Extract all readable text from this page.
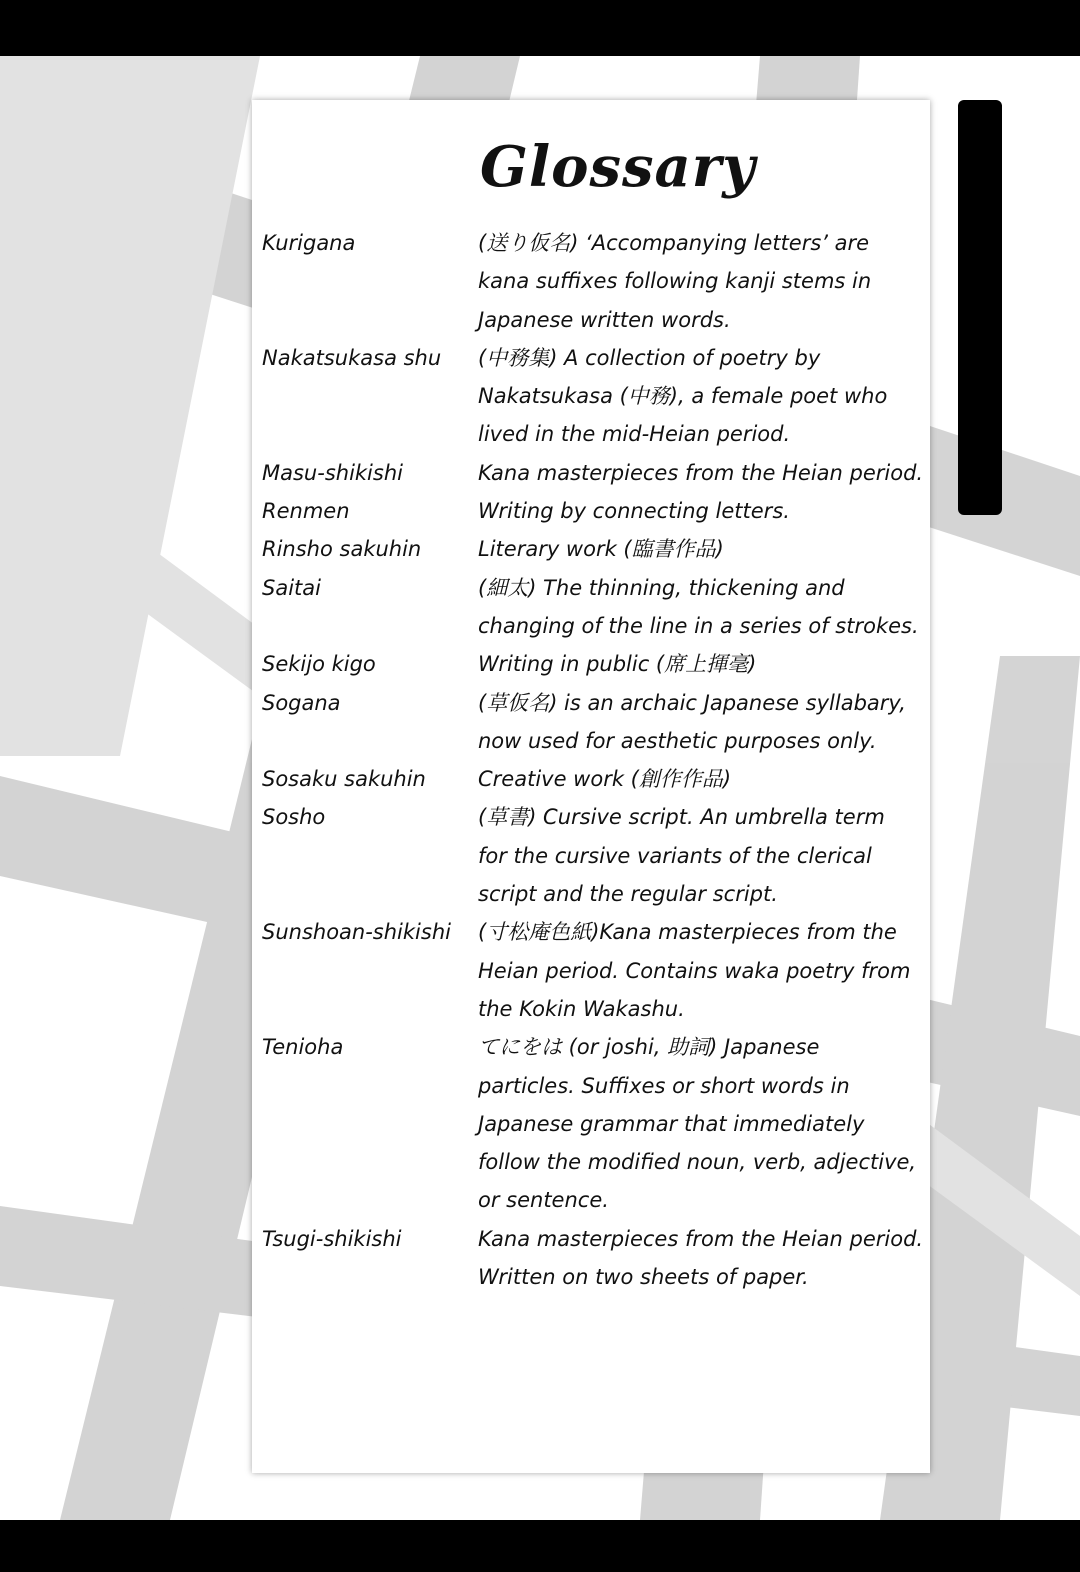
Glossary
Kurigana	(送り仮名) ‘Accompanying letters’ are
kana suffixes following kanji stems in
Japanese written words.
Nakatsukasa shu	(中務集) A collection of poetry by
Nakatsukasa (中務), a female poet who
lived in the mid-Heian period.
Masu-shikishi	Kana masterpieces from the Heian period.
Renmen	Writing by connecting letters.
Rinsho sakuhin	Literary work (臨書作品)
Saitai	(細太) The thinning, thickening and
changing of the line in a series of strokes.
Sekijo kigo	Writing in public (席上揮毫)
Sogana	(草仮名) is an archaic Japanese syllabary,
now used for aesthetic purposes only.
Sosaku sakuhin	Creative work (創作作品)
Sosho	(草書) Cursive script. An umbrella term
for the cursive variants of the clerical
script and the regular script.
Sunshoan-shikishi	(寸松庵色紙)Kana masterpieces from the
Heian period. Contains waka poetry from
the Kokin Wakashu.
Tenioha	てにをは (or joshi, 助詞) Japanese
particles. Suffixes or short words in
Japanese grammar that immediately
follow the modified noun, verb, adjective,
or sentence.
Tsugi-shikishi	Kana masterpieces from the Heian period.
Written on two sheets of paper.
